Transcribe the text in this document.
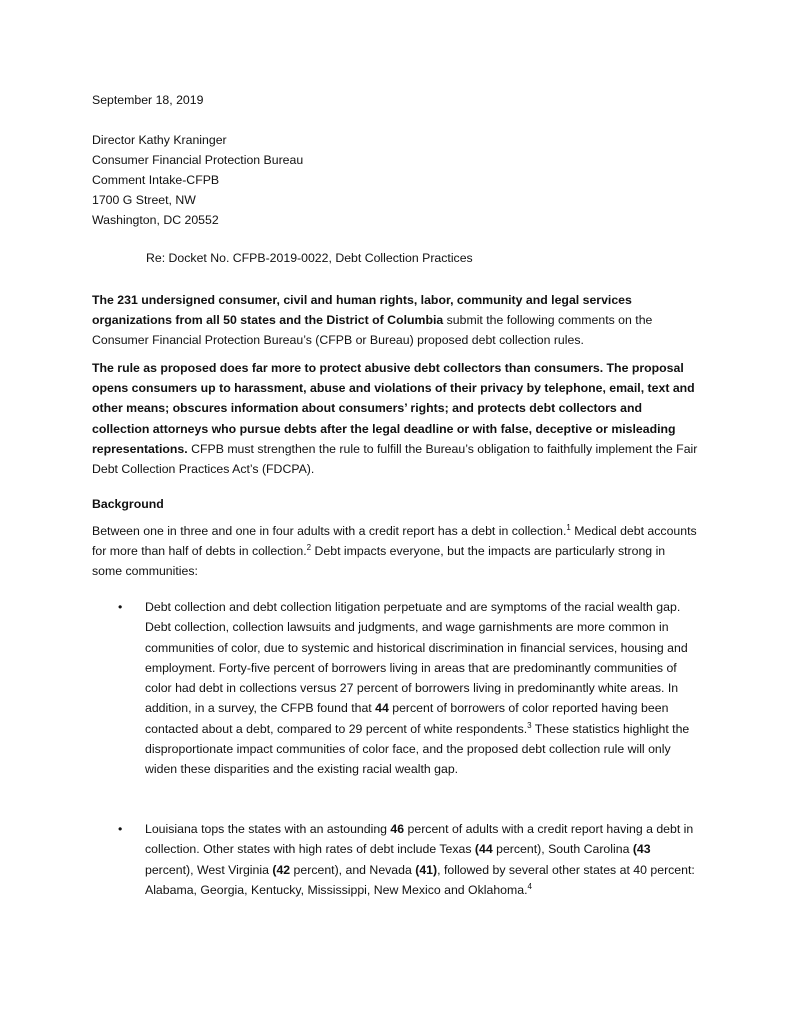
September 18, 2019
Director Kathy Kraninger
Consumer Financial Protection Bureau
Comment Intake-CFPB
1700 G Street, NW
Washington, DC 20552
Re: Docket No. CFPB-2019-0022, Debt Collection Practices

The 231 undersigned consumer, civil and human rights, labor, community and legal services organizations from all 50 states and the District of Columbia submit the following comments on the Consumer Financial Protection Bureau’s (CFPB or Bureau) proposed debt collection rules.

The rule as proposed does far more to protect abusive debt collectors than consumers. The proposal opens consumers up to harassment, abuse and violations of their privacy by telephone, email, text and other means; obscures information about consumers’ rights; and protects debt collectors and collection attorneys who pursue debts after the legal deadline or with false, deceptive or misleading representations. CFPB must strengthen the rule to fulfill the Bureau’s obligation to faithfully implement the Fair Debt Collection Practices Act’s (FDCPA).

Background

Between one in three and one in four adults with a credit report has a debt in collection.$^1$ Medical debt accounts for more than half of debts in collection.$^2$ Debt impacts everyone, but the impacts are particularly strong in some communities:

• Debt collection and debt collection litigation perpetuate and are symptoms of the racial wealth gap. Debt collection, collection lawsuits and judgments, and wage garnishments are more common in communities of color, due to systemic and historical discrimination in financial services, housing and employment. Forty-five percent of borrowers living in areas that are predominantly communities of color had debt in collections versus 27 percent of borrowers living in predominantly white areas. In addition, in a survey, the CFPB found that 44 percent of borrowers of color reported having been contacted about a debt, compared to 29 percent of white respondents.$^3$ These statistics highlight the disproportionate impact communities of color face, and the proposed debt collection rule will only widen these disparities and the existing racial wealth gap.
• Louisiana tops the states with an astounding 46 percent of adults with a credit report having a debt in collection. Other states with high rates of debt include Texas (44 percent), South Carolina (43 percent), West Virginia (42 percent), and Nevada (41), followed by several other states at 40 percent: Alabama, Georgia, Kentucky, Mississippi, New Mexico and Oklahoma.$^4$
